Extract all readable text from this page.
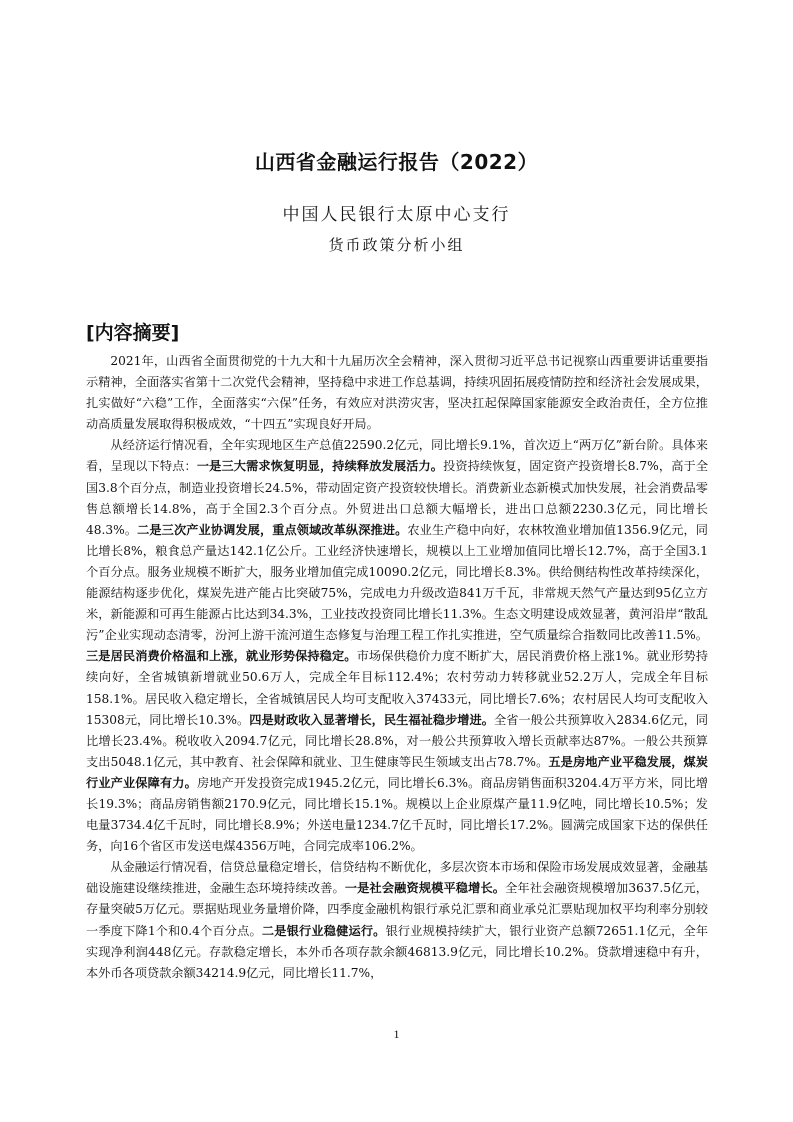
山西省金融运行报告（2022）
中国人民银行太原中心支行
货币政策分析小组
[内容摘要]

2021年，山西省全面贯彻党的十九大和十九届历次全会精神，深入贯彻习近平总书记视察山西重要讲话重要指示精神，全面落实省第十二次党代会精神，坚持稳中求进工作总基调，持续巩固拓展疫情防控和经济社会发展成果，扎实做好“六稳”工作，全面落实“六保”任务，有效应对洪涝灾害，坚决扛起保障国家能源安全政治责任，全方位推动高质量发展取得积极成效，“十四五”实现良好开局。

从经济运行情况看，全年实现地区生产总值22590.2亿元，同比增长9.1%，首次迈上“两万亿”新台阶。具体来看，呈现以下特点：一是三大需求恢复明显，持续释放发展活力。投资持续恢复，固定资产投资增长8.7%，高于全国3.8个百分点，制造业投资增长24.5%，带动固定资产投资较快增长。消费新业态新模式加快发展，社会消费品零售总额增长14.8%，高于全国2.3个百分点。外贸进出口总额大幅增长，进出口总额2230.3亿元，同比增长48.3%。二是三次产业协调发展，重点领域改革纵深推进。农业生产稳中向好，农林牧渔业增加值1356.9亿元，同比增长8%，粮食总产量达142.1亿公斤。工业经济快速增长，规模以上工业增加值同比增长12.7%，高于全国3.1个百分点。服务业规模不断扩大，服务业增加值完成10090.2亿元，同比增长8.3%。供给侧结构性改革持续深化，能源结构逐步优化，煤炭先进产能占比突破75%，完成电力升级改造841万千瓦，非常规天然气产量达到95亿立方米，新能源和可再生能源占比达到34.3%，工业技改投资同比增长11.3%。生态文明建设成效显著，黄河沿岸“散乱污”企业实现动态清零，汾河上游干流河道生态修复与治理工程工作扎实推进，空气质量综合指数同比改善11.5%。三是居民消费价格温和上涨，就业形势保持稳定。市场保供稳价力度不断扩大，居民消费价格上涨1%。就业形势持续向好，全省城镇新增就业50.6万人，完成全年目标112.4%；农村劳动力转移就业52.2万人，完成全年目标158.1%。居民收入稳定增长，全省城镇居民人均可支配收入37433元，同比增长7.6%；农村居民人均可支配收入15308元，同比增长10.3%。四是财政收入显著增长，民生福祉稳步增进。全省一般公共预算收入2834.6亿元，同比增长23.4%。税收收入2094.7亿元，同比增长28.8%，对一般公共预算收入增长贡献率达87%。一般公共预算支出5048.1亿元，其中教育、社会保障和就业、卫生健康等民生领域支出占78.7%。五是房地产业平稳发展，煤炭行业产业保障有力。房地产开发投资完成1945.2亿元，同比增长6.3%。商品房销售面积3204.4万平方米，同比增长19.3%；商品房销售额2170.9亿元，同比增长15.1%。规模以上企业原煤产量11.9亿吨，同比增长10.5%；发电量3734.4亿千瓦时，同比增长8.9%；外送电量1234.7亿千瓦时，同比增长17.2%。圆满完成国家下达的保供任务，向16个省区市发送电煤4356万吨，合同完成率106.2%。

从金融运行情况看，信贷总量稳定增长，信贷结构不断优化，多层次资本市场和保险市场发展成效显著，金融基础设施建设继续推进，金融生态环境持续改善。一是社会融资规模平稳增长。全年社会融资规模增加3637.5亿元，存量突破5万亿元。票据贴现业务量增价降，四季度金融机构银行承兑汇票和商业承兑汇票贴现加权平均利率分别较一季度下降1个和0.4个百分点。二是银行业稳健运行。银行业规模持续扩大，银行业资产总额72651.1亿元，全年实现净利润448亿元。存款稳定增长，本外币各项存款余额46813.9亿元，同比增长10.2%。贷款增速稳中有升，本外币各项贷款余额34214.9亿元，同比增长11.7%，

1
